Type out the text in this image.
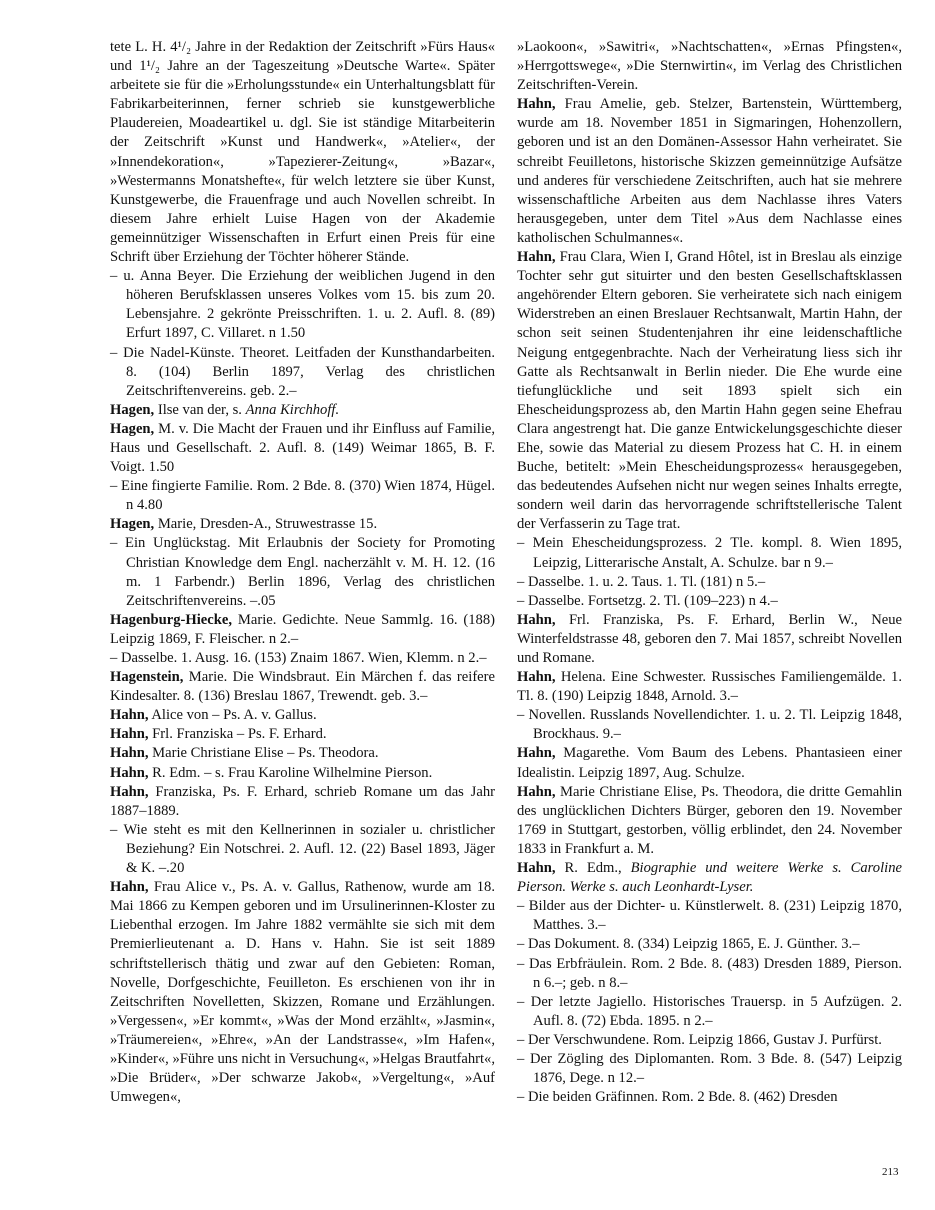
tete L. H. 4¹/₂ Jahre in der Redaktion der Zeitschrift »Fürs Haus« und 1¹/₂ Jahre an der Tageszeitung »Deutsche Warte«. Später arbeitete sie für die »Erholungsstunde« ein Unterhaltungsblatt für Fabrikarbeiterinnen, ferner schrieb sie kunstgewerbliche Plaudereien, Moadeartikel u. dgl. Sie ist ständige Mitarbeiterin der Zeitschrift »Kunst und Handwerk«, »Atelier«, der »Innendekoration«, »Tapezierer-Zeitung«, »Bazar«, »Westermanns Monatshefte«, für welch letztere sie über Kunst, Kunstgewerbe, die Frauenfrage und auch Novellen schreibt. In diesem Jahre erhielt Luise Hagen von der Akademie gemeinnütziger Wissenschaften in Erfurt einen Preis für eine Schrift über Erziehung der Töchter höherer Stände.

– u. Anna Beyer. Die Erziehung der weiblichen Jugend in den höheren Berufsklassen unseres Volkes vom 15. bis zum 20. Lebensjahre. 2 gekrönte Preisschriften. 1. u. 2. Aufl. 8. (89) Erfurt 1897, C. Villaret. n 1.50

– Die Nadel-Künste. Theoret. Leitfaden der Kunsthandarbeiten. 8. (104) Berlin 1897, Verlag des christlichen Zeitschriftenvereins. geb. 2.–

Hagen, Ilse van der, s. Anna Kirchhoff.

Hagen, M. v. Die Macht der Frauen und ihr Einfluss auf Familie, Haus und Gesellschaft. 2. Aufl. 8. (149) Weimar 1865, B. F. Voigt. 1.50

– Eine fingierte Familie. Rom. 2 Bde. 8. (370) Wien 1874, Hügel. n 4.80

Hagen, Marie, Dresden-A., Struwestrasse 15.

– Ein Unglückstag. Mit Erlaubnis der Society for Promoting Christian Knowledge dem Engl. nacherzählt v. M. H. 12. (16 m. 1 Farbendr.) Berlin 1896, Verlag des christlichen Zeitschriftenvereins. –.05

Hagenburg-Hiecke, Marie. Gedichte. Neue Sammlg. 16. (188) Leipzig 1869, F. Fleischer. n 2.–

– Dasselbe. 1. Ausg. 16. (153) Znaim 1867. Wien, Klemm. n 2.–

Hagenstein, Marie. Die Windsbraut. Ein Märchen f. das reifere Kindesalter. 8. (136) Breslau 1867, Trewendt. geb. 3.–

Hahn, Alice von – Ps. A. v. Gallus.

Hahn, Frl. Franziska – Ps. F. Erhard.

Hahn, Marie Christiane Elise – Ps. Theodora.

Hahn, R. Edm. – s. Frau Karoline Wilhelmine Pierson.

Hahn, Franziska, Ps. F. Erhard, schrieb Romane um das Jahr 1887–1889.

– Wie steht es mit den Kellnerinnen in sozialer u. christlicher Beziehung? Ein Notschrei. 2. Aufl. 12. (22) Basel 1893, Jäger & K. –.20

Hahn, Frau Alice v., Ps. A. v. Gallus, Rathenow, wurde am 18. Mai 1866 zu Kempen geboren und im Ursulinerinnen-Kloster zu Liebenthal erzogen. Im Jahre 1882 vermählte sie sich mit dem Premierlieutenant a. D. Hans v. Hahn. Sie ist seit 1889 schriftstellerisch thätig und zwar auf den Gebieten: Roman, Novelle, Dorfgeschichte, Feuilleton. Es erschienen von ihr in Zeitschriften Novelletten, Skizzen, Romane und Erzählungen. »Vergessen«, »Er kommt«, »Was der Mond erzählt«, »Jasmin«, »Träumereien«, »Ehre«, »An der Landstrasse«, »Im Hafen«, »Kinder«, »Führe uns nicht in Versuchung«, »Helgas Brautfahrt«, »Die Brüder«, »Der schwarze Jakob«, »Vergeltung«, »Auf Umwegen«,

»Laokoon«, »Sawitri«, »Nachtschatten«, »Ernas Pfingsten«, »Herrgottswege«, »Die Sternwirtin«, im Verlag des Christlichen Zeitschriften-Verein.

Hahn, Frau Amelie, geb. Stelzer, Bartenstein, Württemberg, wurde am 18. November 1851 in Sigmaringen, Hohenzollern, geboren und ist an den Domänen-Assessor Hahn verheiratet. Sie schreibt Feuilletons, historische Skizzen gemeinnützige Aufsätze und anderes für verschiedene Zeitschriften, auch hat sie mehrere wissenschaftliche Arbeiten aus dem Nachlasse ihres Vaters herausgegeben, unter dem Titel »Aus dem Nachlasse eines katholischen Schulmannes«.

Hahn, Frau Clara, Wien I, Grand Hôtel, ist in Breslau als einzige Tochter sehr gut situirter und den besten Gesellschaftsklassen angehörender Eltern geboren. Sie verheiratete sich nach einigem Widerstreben an einen Breslauer Rechtsanwalt, Martin Hahn, der schon seit seinen Studentenjahren ihr eine leidenschaftliche Neigung entgegenbrachte. Nach der Verheiratung liess sich ihr Gatte als Rechtsanwalt in Berlin nieder. Die Ehe wurde eine tiefunglückliche und seit 1893 spielt sich ein Ehescheidungsprozess ab, den Martin Hahn gegen seine Ehefrau Clara angestrengt hat. Die ganze Entwickelungsgeschichte dieser Ehe, sowie das Material zu diesem Prozess hat C. H. in einem Buche, betitelt: »Mein Ehescheidungsprozess« herausgegeben, das bedeutendes Aufsehen nicht nur wegen seines Inhalts erregte, sondern weil darin das hervorragende schriftstellerische Talent der Verfasserin zu Tage trat.

– Mein Ehescheidungsprozess. 2 Tle. kompl. 8. Wien 1895, Leipzig, Litterarische Anstalt, A. Schulze. bar n 9.–

– Dasselbe. 1. u. 2. Taus. 1. Tl. (181) n 5.–

– Dasselbe. Fortsetzg. 2. Tl. (109–223) n 4.–

Hahn, Frl. Franziska, Ps. F. Erhard, Berlin W., Neue Winterfeldstrasse 48, geboren den 7. Mai 1857, schreibt Novellen und Romane.

Hahn, Helena. Eine Schwester. Russisches Familiengemälde. 1. Tl. 8. (190) Leipzig 1848, Arnold. 3.–

– Novellen. Russlands Novellendichter. 1. u. 2. Tl. Leipzig 1848, Brockhaus. 9.–

Hahn, Magarethe. Vom Baum des Lebens. Phantasieen einer Idealistin. Leipzig 1897, Aug. Schulze.

Hahn, Marie Christiane Elise, Ps. Theodora, die dritte Gemahlin des unglücklichen Dichters Bürger, geboren den 19. November 1769 in Stuttgart, gestorben, völlig erblindet, den 24. November 1833 in Frankfurt a. M.

Hahn, R. Edm., Biographie und weitere Werke s. Caroline Pierson. Werke s. auch Leonhardt-Lyser.

– Bilder aus der Dichter- u. Künstlerwelt. 8. (231) Leipzig 1870, Matthes. 3.–

– Das Dokument. 8. (334) Leipzig 1865, E. J. Günther. 3.–

– Das Erbfräulein. Rom. 2 Bde. 8. (483) Dresden 1889, Pierson. n 6.–; geb. n 8.–

– Der letzte Jagiello. Historisches Trauersp. in 5 Aufzügen. 2. Aufl. 8. (72) Ebda. 1895. n 2.–

– Der Verschwundene. Rom. Leipzig 1866, Gustav J. Purfürst.

– Der Zögling des Diplomanten. Rom. 3 Bde. 8. (547) Leipzig 1876, Dege. n 12.–

– Die beiden Gräfinnen. Rom. 2 Bde. 8. (462) Dresden

213
